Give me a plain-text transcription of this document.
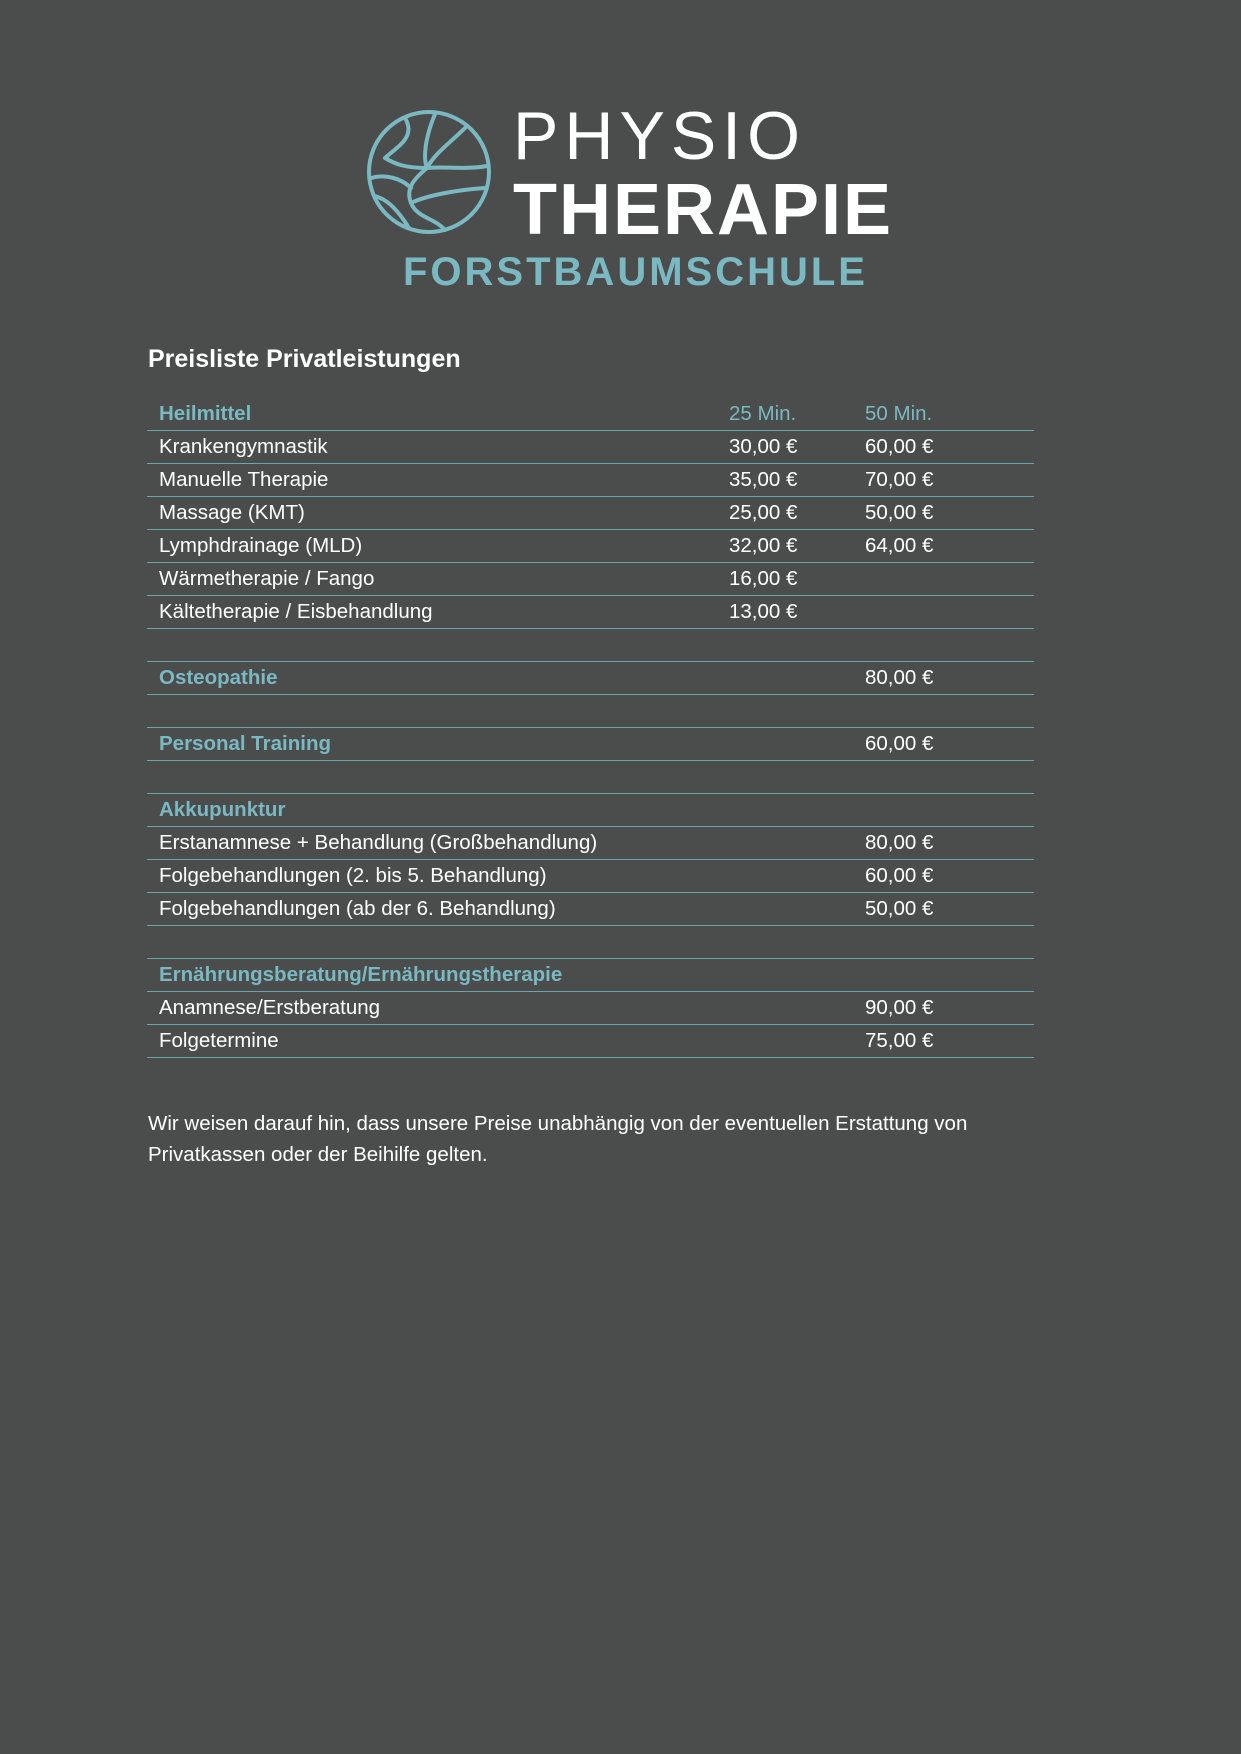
PHYSIO
THERAPIE
FORSTBAUMSCHULE
Preisliste Privatleistungen
Heilmittel	25 Min.	50 Min.
Krankengymnastik	30,00 €	60,00 €
Manuelle Therapie	35,00 €	70,00 €
Massage (KMT)	25,00 €	50,00 €
Lymphdrainage (MLD)	32,00 €	64,00 €
Wärmetherapie / Fango	16,00 €	
Kältetherapie / Eisbehandlung	13,00 €	

Osteopathie		80,00 €

Personal Training		60,00 €

Akkupunktur		
Erstanamnese + Behandlung (Großbehandlung)		80,00 €
Folgebehandlungen (2. bis 5. Behandlung)		60,00 €
Folgebehandlungen (ab der 6. Behandlung)		50,00 €

Ernährungsberatung/Ernährungstherapie		
Anamnese/Erstberatung		90,00 €
Folgetermine		75,00 €
Wir weisen darauf hin, dass unsere Preise unabhängig von der eventuellen Erstattung von Privatkassen oder der Beihilfe gelten.
